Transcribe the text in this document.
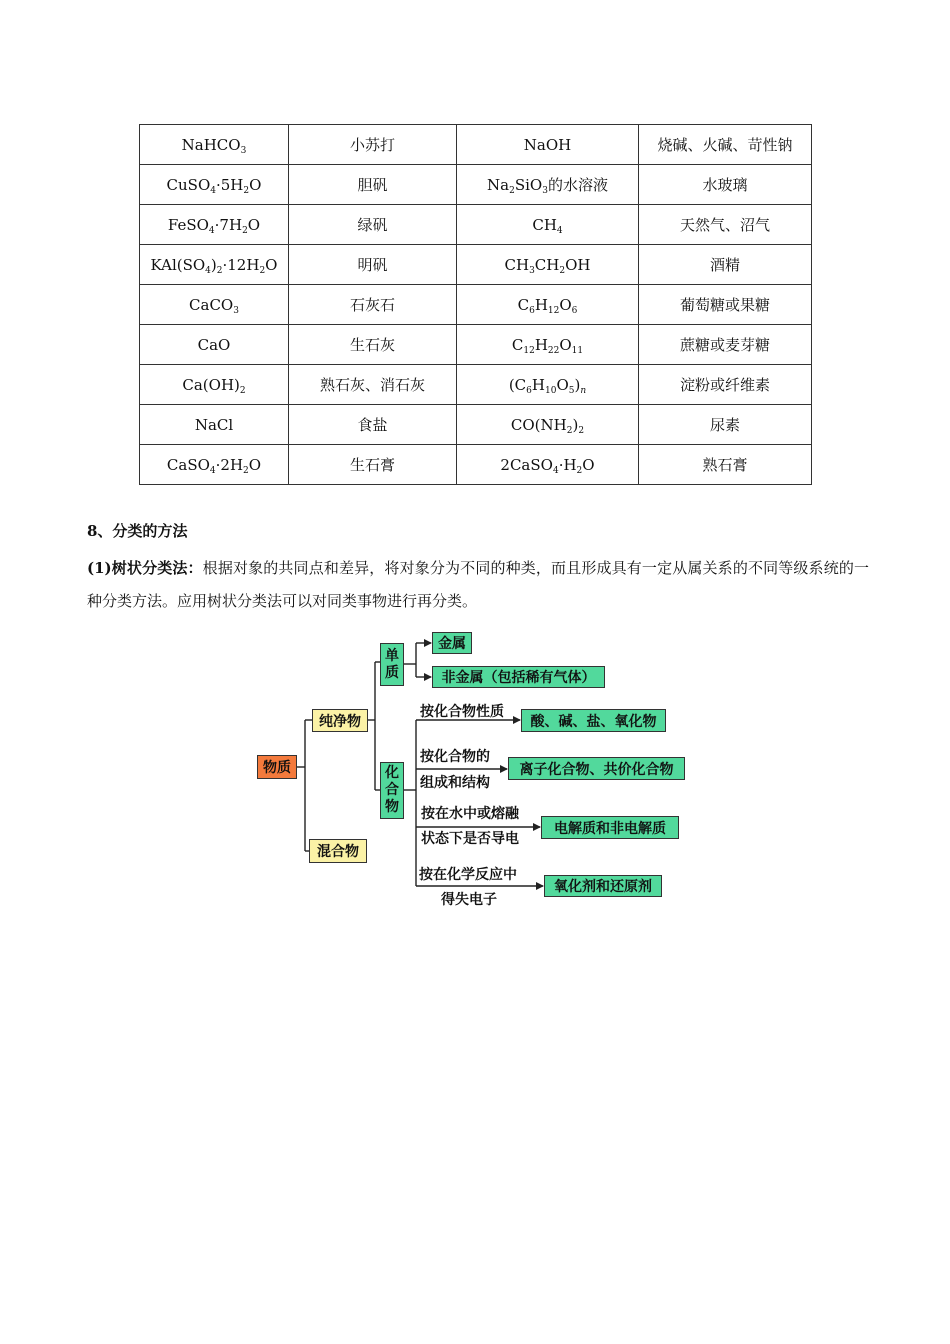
NaHCO$_3$	小苏打	NaOH	烧碱、火碱、苛性钠
$CuSO_4\cdot 5H_2O$	胆矾	$Na_2SiO_3$的水溶液	水玻璃
$FeSO_4\cdot 7H_2O$	绿矾	$CH_4$	天然气、沼气
$KAl(SO_4)_2\cdot 12H_2O$	明矾	$CH_3CH_2OH$	酒精
CaCO$_3$	石灰石	$C_6H_{12}O_6$	葡萄糖或果糖
CaO	生石灰	$C_{12}H_{22}O_{11}$	蔗糖或麦芽糖
$Ca(OH)_2$	熟石灰、消石灰	$(C_6H_{10}O_5)_n$	淀粉或纤维素
NaCl	食盐	$CO(NH_2)_2$	尿素
$CaSO_4\cdot 2H_2O$	生石膏	$2CaSO_4\cdot H_2O$	熟石膏
8、分类的方法
(1)树状分类法：根据对象的共同点和差异，将对象分为不同的种类，而且形成具有一定从属关系的不同等级系统的一种分类方法。应用树状分类法可以对同类事物进行再分类。
物质
纯净物
混合物
单
质
化
合
物
金属
非金属（包括稀有气体）
按化合物性质
按化合物的
组成和结构
按在水中或熔融
状态下是否导电
按在化学反应中
得失电子
酸、碱、盐、氧化物
离子化合物、共价化合物
电解质和非电解质
氧化剂和还原剂
